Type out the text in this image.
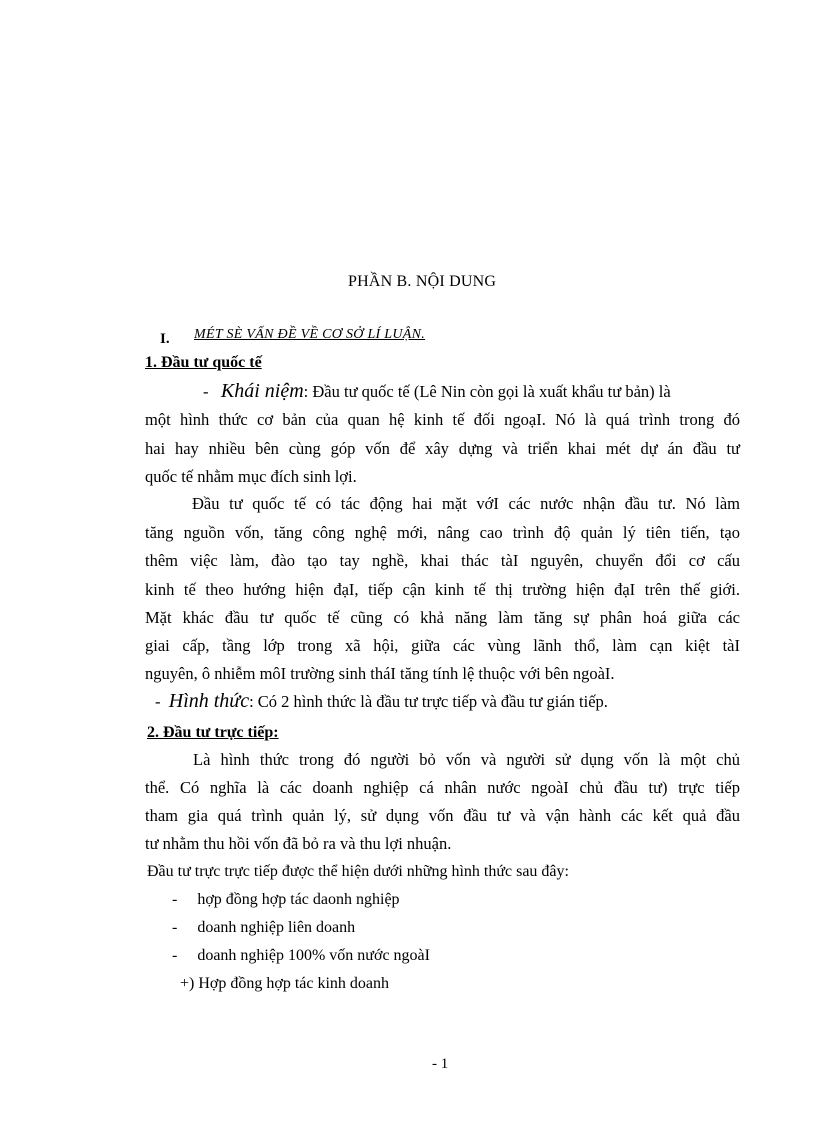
PHẦN B. NỘI DUNG
I. MÉT SÈ VẤN ĐỀ VỀ CƠ SỞ LÍ LUẬN.
1. Đầu tư quốc tế
- Khái niệm: Đầu tư quốc tế (Lê Nin còn gọi là xuất khẩu tư bản) là
một hình thức cơ bản của quan hệ kinh tế đối ngoạI. Nó là quá trình trong đó
hai hay nhiều bên cùng góp vốn để xây dựng và triển khai mét dự án đầu tư
quốc tế nhằm mục đích sinh lợi.
Đầu tư quốc tế có tác động hai mặt vớI các nước nhận đầu tư. Nó làm
tăng nguồn vốn, tăng công nghệ mới, nâng cao trình độ quản lý tiên tiến, tạo
thêm việc làm, đào tạo tay nghề, khai thác tàI nguyên, chuyển đổi cơ cấu
kinh tế theo hướng hiện đạI, tiếp cận kinh tế thị trường hiện đạI trên thế giới.
Mặt khác đầu tư quốc tế cũng có khả năng làm tăng sự phân hoá giữa các
giai cấp, tầng lớp trong xã hội, giữa các vùng lãnh thổ, làm cạn kiệt tàI
nguyên, ô nhiễm môI trường sinh tháI tăng tính lệ thuộc với bên ngoàI.
- Hình thức: Có 2 hình thức là đầu tư trực tiếp và đầu tư gián tiếp.
2. Đầu tư trực tiếp:
Là hình thức trong đó người bỏ vốn và người sử dụng vốn là một chủ
thể. Có nghĩa là các doanh nghiệp cá nhân nước ngoàI chủ đầu tư) trực tiếp
tham gia quá trình quản lý, sử dụng vốn đầu tư và vận hành các kết quả đầu
tư nhằm thu hồi vốn đã bỏ ra và thu lợi nhuận.
Đầu tư trực trực tiếp được thể hiện dưới những hình thức sau đây:
- hợp đồng hợp tác daonh nghiệp
- doanh nghiệp liên doanh
- doanh nghiệp 100% vốn nước ngoàI
+) Hợp đồng hợp tác kinh doanh
- 1
